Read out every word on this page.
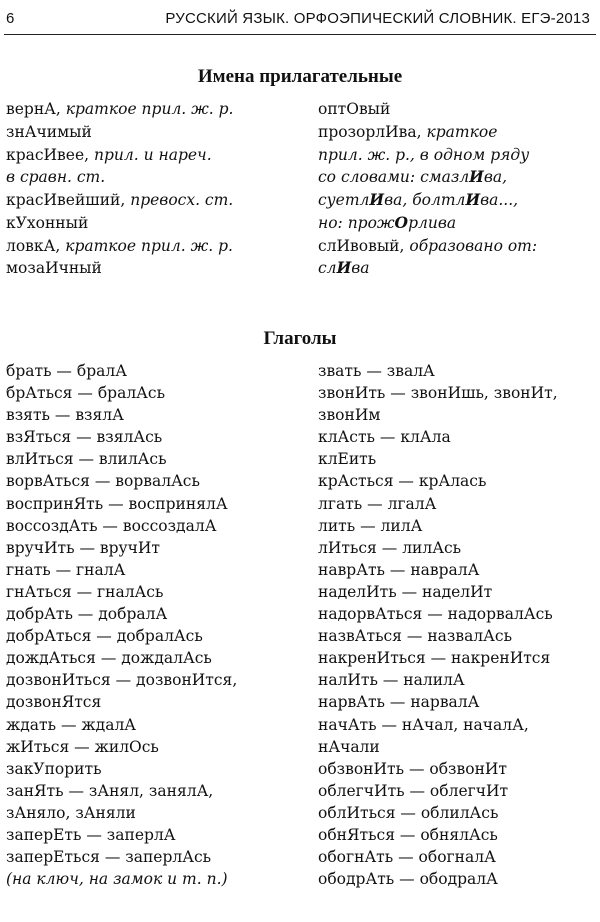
6	РУССКИЙ ЯЗЫК. ОРФОЭПИЧЕСКИЙ СЛОВНИК. ЕГЭ-2013
Имена прилагательные
вернА, краткое прил. ж. р.
знАчимый
красИвее, прил. и нареч.
в сравн. ст.
красИвейший, превосх. ст.
кУхонный
ловкА, краткое прил. ж. р.
мозаИчный
оптОвый
прозорлИва, краткое
прил. ж. р., в одном ряду
со словами: смазлИва,
суетлИва, болтлИва...,
но: прожОрлива
слИвовый, образовано от:
слИва
Глаголы
брать — бралА
брАться — бралАсь
взять — взялА
взЯться — взялАсь
влИться — влилАсь
ворвАться — ворвалАсь
воспринЯть — воспринялА
воссоздАть — воссоздалА
вручИть — вручИт
гнать — гналА
гнАться — гналАсь
добрАть — добралА
добрАться — добралАсь
дождАться — дождалАсь
дозвонИться — дозвонИтся,
дозвонЯтся
ждать — ждалА
жИться — жилОсь
закУпорить
занЯть — зАнял, занялА,
зАняло, зАняли
заперЕть — заперлА
заперЕться — заперлАсь
(на ключ, на замок и т. п.)
звать — звалА
звонИть — звонИшь, звонИт,
звонИм
клАсть — клАла
клЕить
крАсться — крАлась
лгать — лгалА
лить — лилА
лИться — лилАсь
наврАть — навралА
наделИть — наделИт
надорвАться — надорвалАсь
назвАться — назвалАсь
накренИться — накренИтся
налИть — налилА
нарвАть — нарвалА
начАть — нАчал, началА,
нАчали
обзвонИть — обзвонИт
облегчИть — облегчИт
облИться — облилАсь
обнЯться — обнялАсь
обогнАть — обогналА
ободрАть — ободралА
